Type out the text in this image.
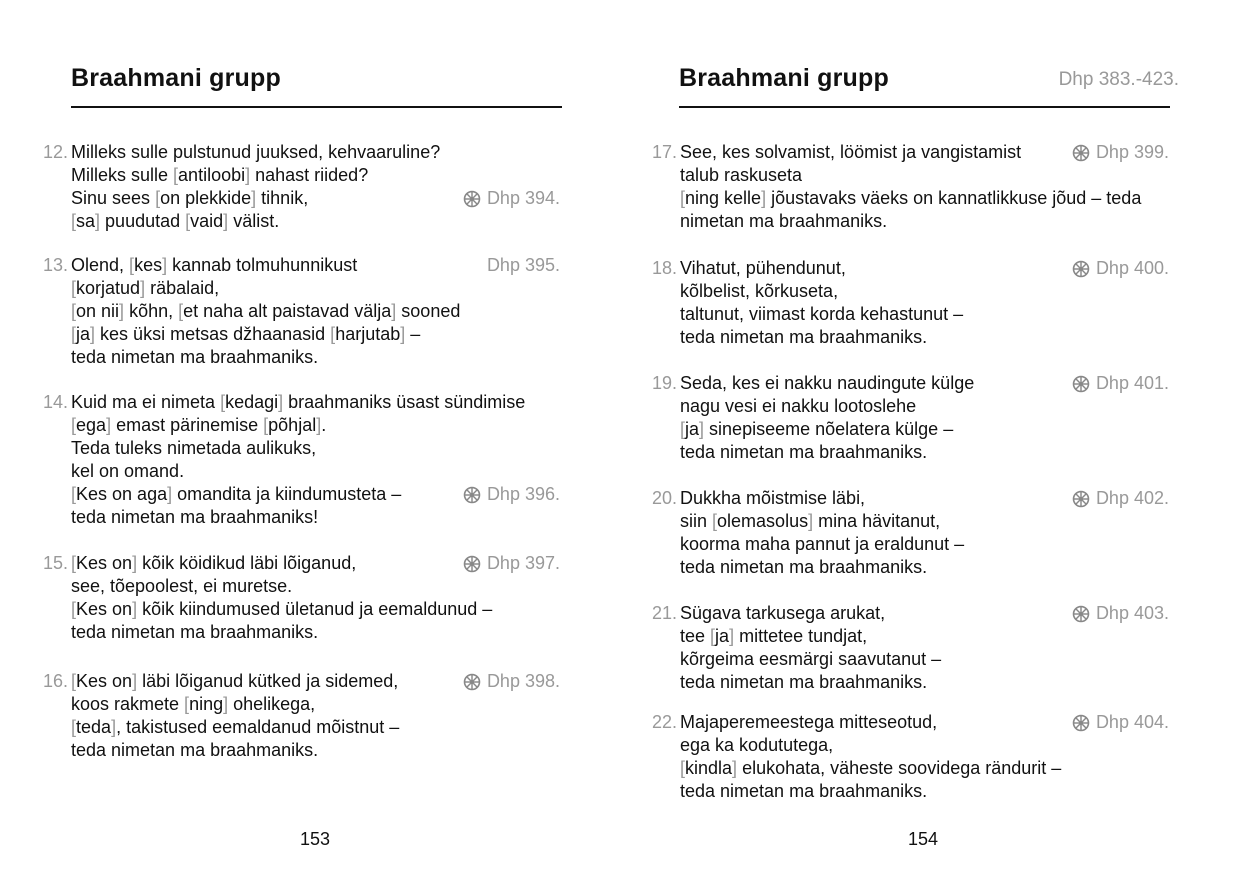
Braahmani grupp
12. Milleks sulle pulstunud juuksed, kehvaaruline?
Milleks sulle [antiloobi] nahast riided?
Sinu sees [on plekkide] tihnik,
[sa] puudutad [vaid] välist.
Dhp 394.
13. Olend, [kes] kannab tolmuhunnikust
[korjatud] räbalaid,
[on nii] kõhn, [et naha alt paistavad välja] sooned
[ja] kes üksi metsas džhaanasid [harjutab] –
teda nimetan ma braahmaniks.
Dhp 395.
14. Kuid ma ei nimeta [kedagi] braahmaniks üsast sündimise
[ega] emast pärinemise [põhjal].
Teda tuleks nimetada aulikuks,
kel on omand.
[Kes on aga] omandita ja kiindumusteta –
teda nimetan ma braahmaniks!
Dhp 396.
15. [Kes on] kõik köidikud läbi lõiganud,
see, tõepoolest, ei muretse.
[Kes on] kõik kiindumused ületanud ja eemaldunud –
teda nimetan ma braahmaniks.
Dhp 397.
16. [Kes on] läbi lõiganud kütked ja sidemed,
koos rakmete [ning] ohelikega,
[teda], takistused eemaldanud mõistnut –
teda nimetan ma braahmaniks.
Dhp 398.
153
Braahmani grupp	Dhp 383.-423.
17. See, kes solvamist, löömist ja vangistamist
talub raskuseta
[ning kelle] jõustavaks väeks on kannatlikkuse jõud – teda
nimetan ma braahmaniks.
Dhp 399.
18. Vihatut, pühendunut,
kõlbelist, kõrkuseta,
taltunut, viimast korda kehastunut –
teda nimetan ma braahmaniks.
Dhp 400.
19. Seda, kes ei nakku naudingute külge
nagu vesi ei nakku lootoslehe
[ja] sinepiseeme nõelatera külge –
teda nimetan ma braahmaniks.
Dhp 401.
20. Dukkha mõistmise läbi,
siin [olemasolus] mina hävitanut,
koorma maha pannut ja eraldunut –
teda nimetan ma braahmaniks.
Dhp 402.
21. Sügava tarkusega arukat,
tee [ja] mittetee tundjat,
kõrgeima eesmärgi saavutanut –
teda nimetan ma braahmaniks.
Dhp 403.
22. Majaperemeestega mitteseotud,
ega ka kodututega,
[kindla] elukohata, väheste soovidega rändurit –
teda nimetan ma braahmaniks.
Dhp 404.
154
